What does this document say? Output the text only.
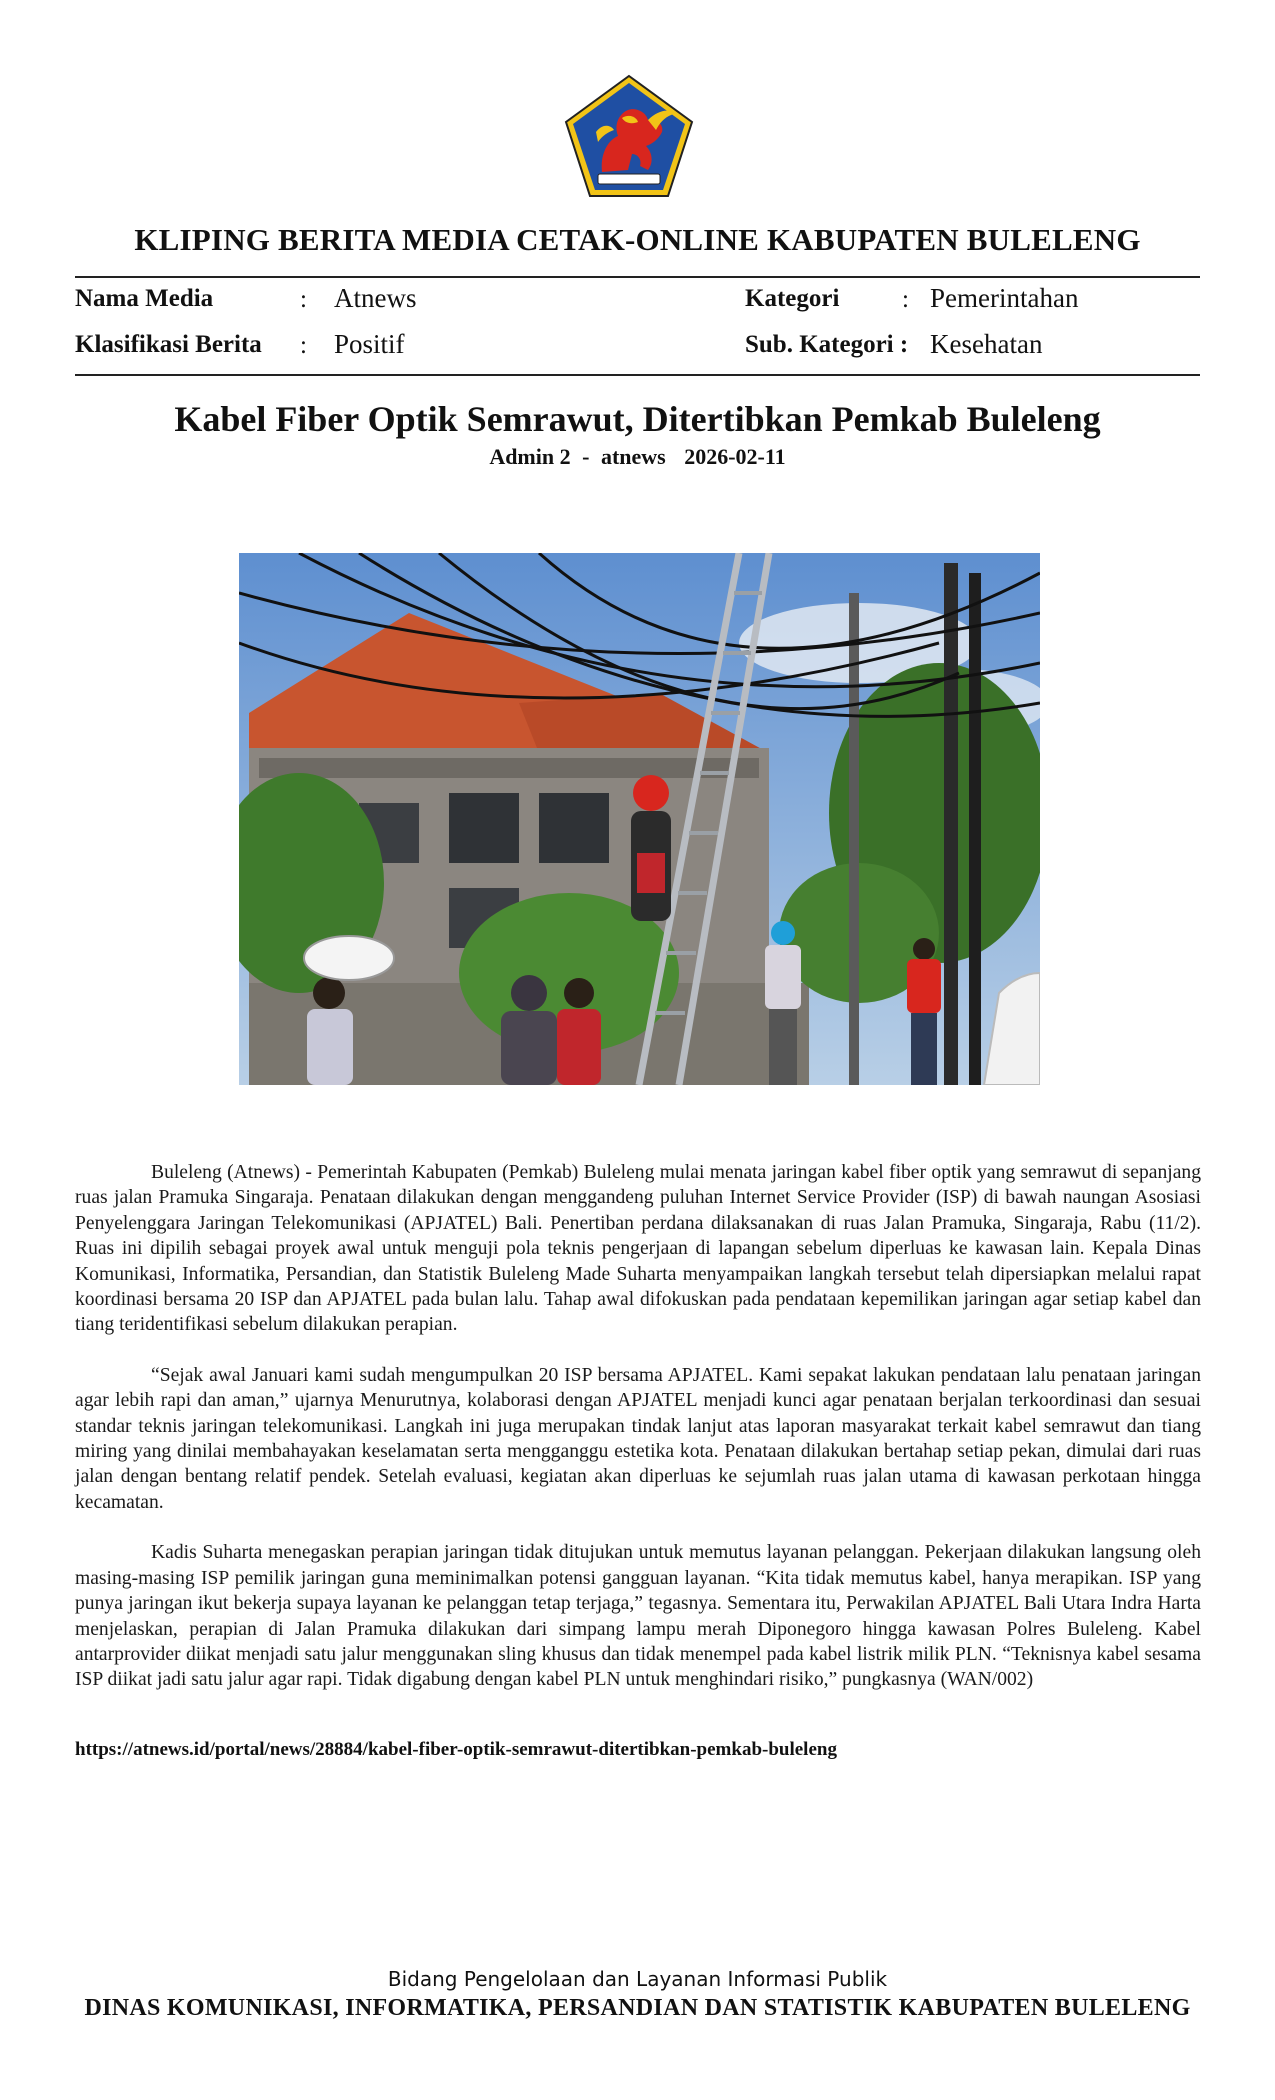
KLIPING BERITA MEDIA CETAK-ONLINE KABUPATEN BULELENG
Nama Media	: Atnews	Kategori	: Pemerintahan
Klasifikasi Berita : Positif	Sub. Kategori : Kesehatan
Kabel Fiber Optik Semrawut, Ditertibkan Pemkab Buleleng
Admin 2 - atnews 2026-02-11

Buleleng (Atnews) - Pemerintah Kabupaten (Pemkab) Buleleng mulai menata jaringan kabel fiber optik yang semrawut di sepanjang ruas jalan Pramuka Singaraja. Penataan dilakukan dengan menggandeng puluhan Internet Service Provider (ISP) di bawah naungan Asosiasi Penyelenggara Jaringan Telekomunikasi (APJATEL) Bali. Penertiban perdana dilaksanakan di ruas Jalan Pramuka, Singaraja, Rabu (11/2). Ruas ini dipilih sebagai proyek awal untuk menguji pola teknis pengerjaan di lapangan sebelum diperluas ke kawasan lain. Kepala Dinas Komunikasi, Informatika, Persandian, dan Statistik Buleleng Made Suharta menyampaikan langkah tersebut telah dipersiapkan melalui rapat koordinasi bersama 20 ISP dan APJATEL pada bulan lalu. Tahap awal difokuskan pada pendataan kepemilikan jaringan agar setiap kabel dan tiang teridentifikasi sebelum dilakukan perapian.

“Sejak awal Januari kami sudah mengumpulkan 20 ISP bersama APJATEL. Kami sepakat lakukan pendataan lalu penataan jaringan agar lebih rapi dan aman,” ujarnya Menurutnya, kolaborasi dengan APJATEL menjadi kunci agar penataan berjalan terkoordinasi dan sesuai standar teknis jaringan telekomunikasi. Langkah ini juga merupakan tindak lanjut atas laporan masyarakat terkait kabel semrawut dan tiang miring yang dinilai membahayakan keselamatan serta mengganggu estetika kota. Penataan dilakukan bertahap setiap pekan, dimulai dari ruas jalan dengan bentang relatif pendek. Setelah evaluasi, kegiatan akan diperluas ke sejumlah ruas jalan utama di kawasan perkotaan hingga kecamatan.

Kadis Suharta menegaskan perapian jaringan tidak ditujukan untuk memutus layanan pelanggan. Pekerjaan dilakukan langsung oleh masing-masing ISP pemilik jaringan guna meminimalkan potensi gangguan layanan. “Kita tidak memutus kabel, hanya merapikan. ISP yang punya jaringan ikut bekerja supaya layanan ke pelanggan tetap terjaga,” tegasnya. Sementara itu, Perwakilan APJATEL Bali Utara Indra Harta menjelaskan, perapian di Jalan Pramuka dilakukan dari simpang lampu merah Diponegoro hingga kawasan Polres Buleleng. Kabel antarprovider diikat menjadi satu jalur menggunakan sling khusus dan tidak menempel pada kabel listrik milik PLN. “Teknisnya kabel sesama ISP diikat jadi satu jalur agar rapi. Tidak digabung dengan kabel PLN untuk menghindari risiko,” pungkasnya (WAN/002)

https://atnews.id/portal/news/28884/kabel-fiber-optik-semrawut-ditertibkan-pemkab-buleleng
Bidang Pengelolaan dan Layanan Informasi Publik
DINAS KOMUNIKASI, INFORMATIKA, PERSANDIAN DAN STATISTIK KABUPATEN BULELENG
